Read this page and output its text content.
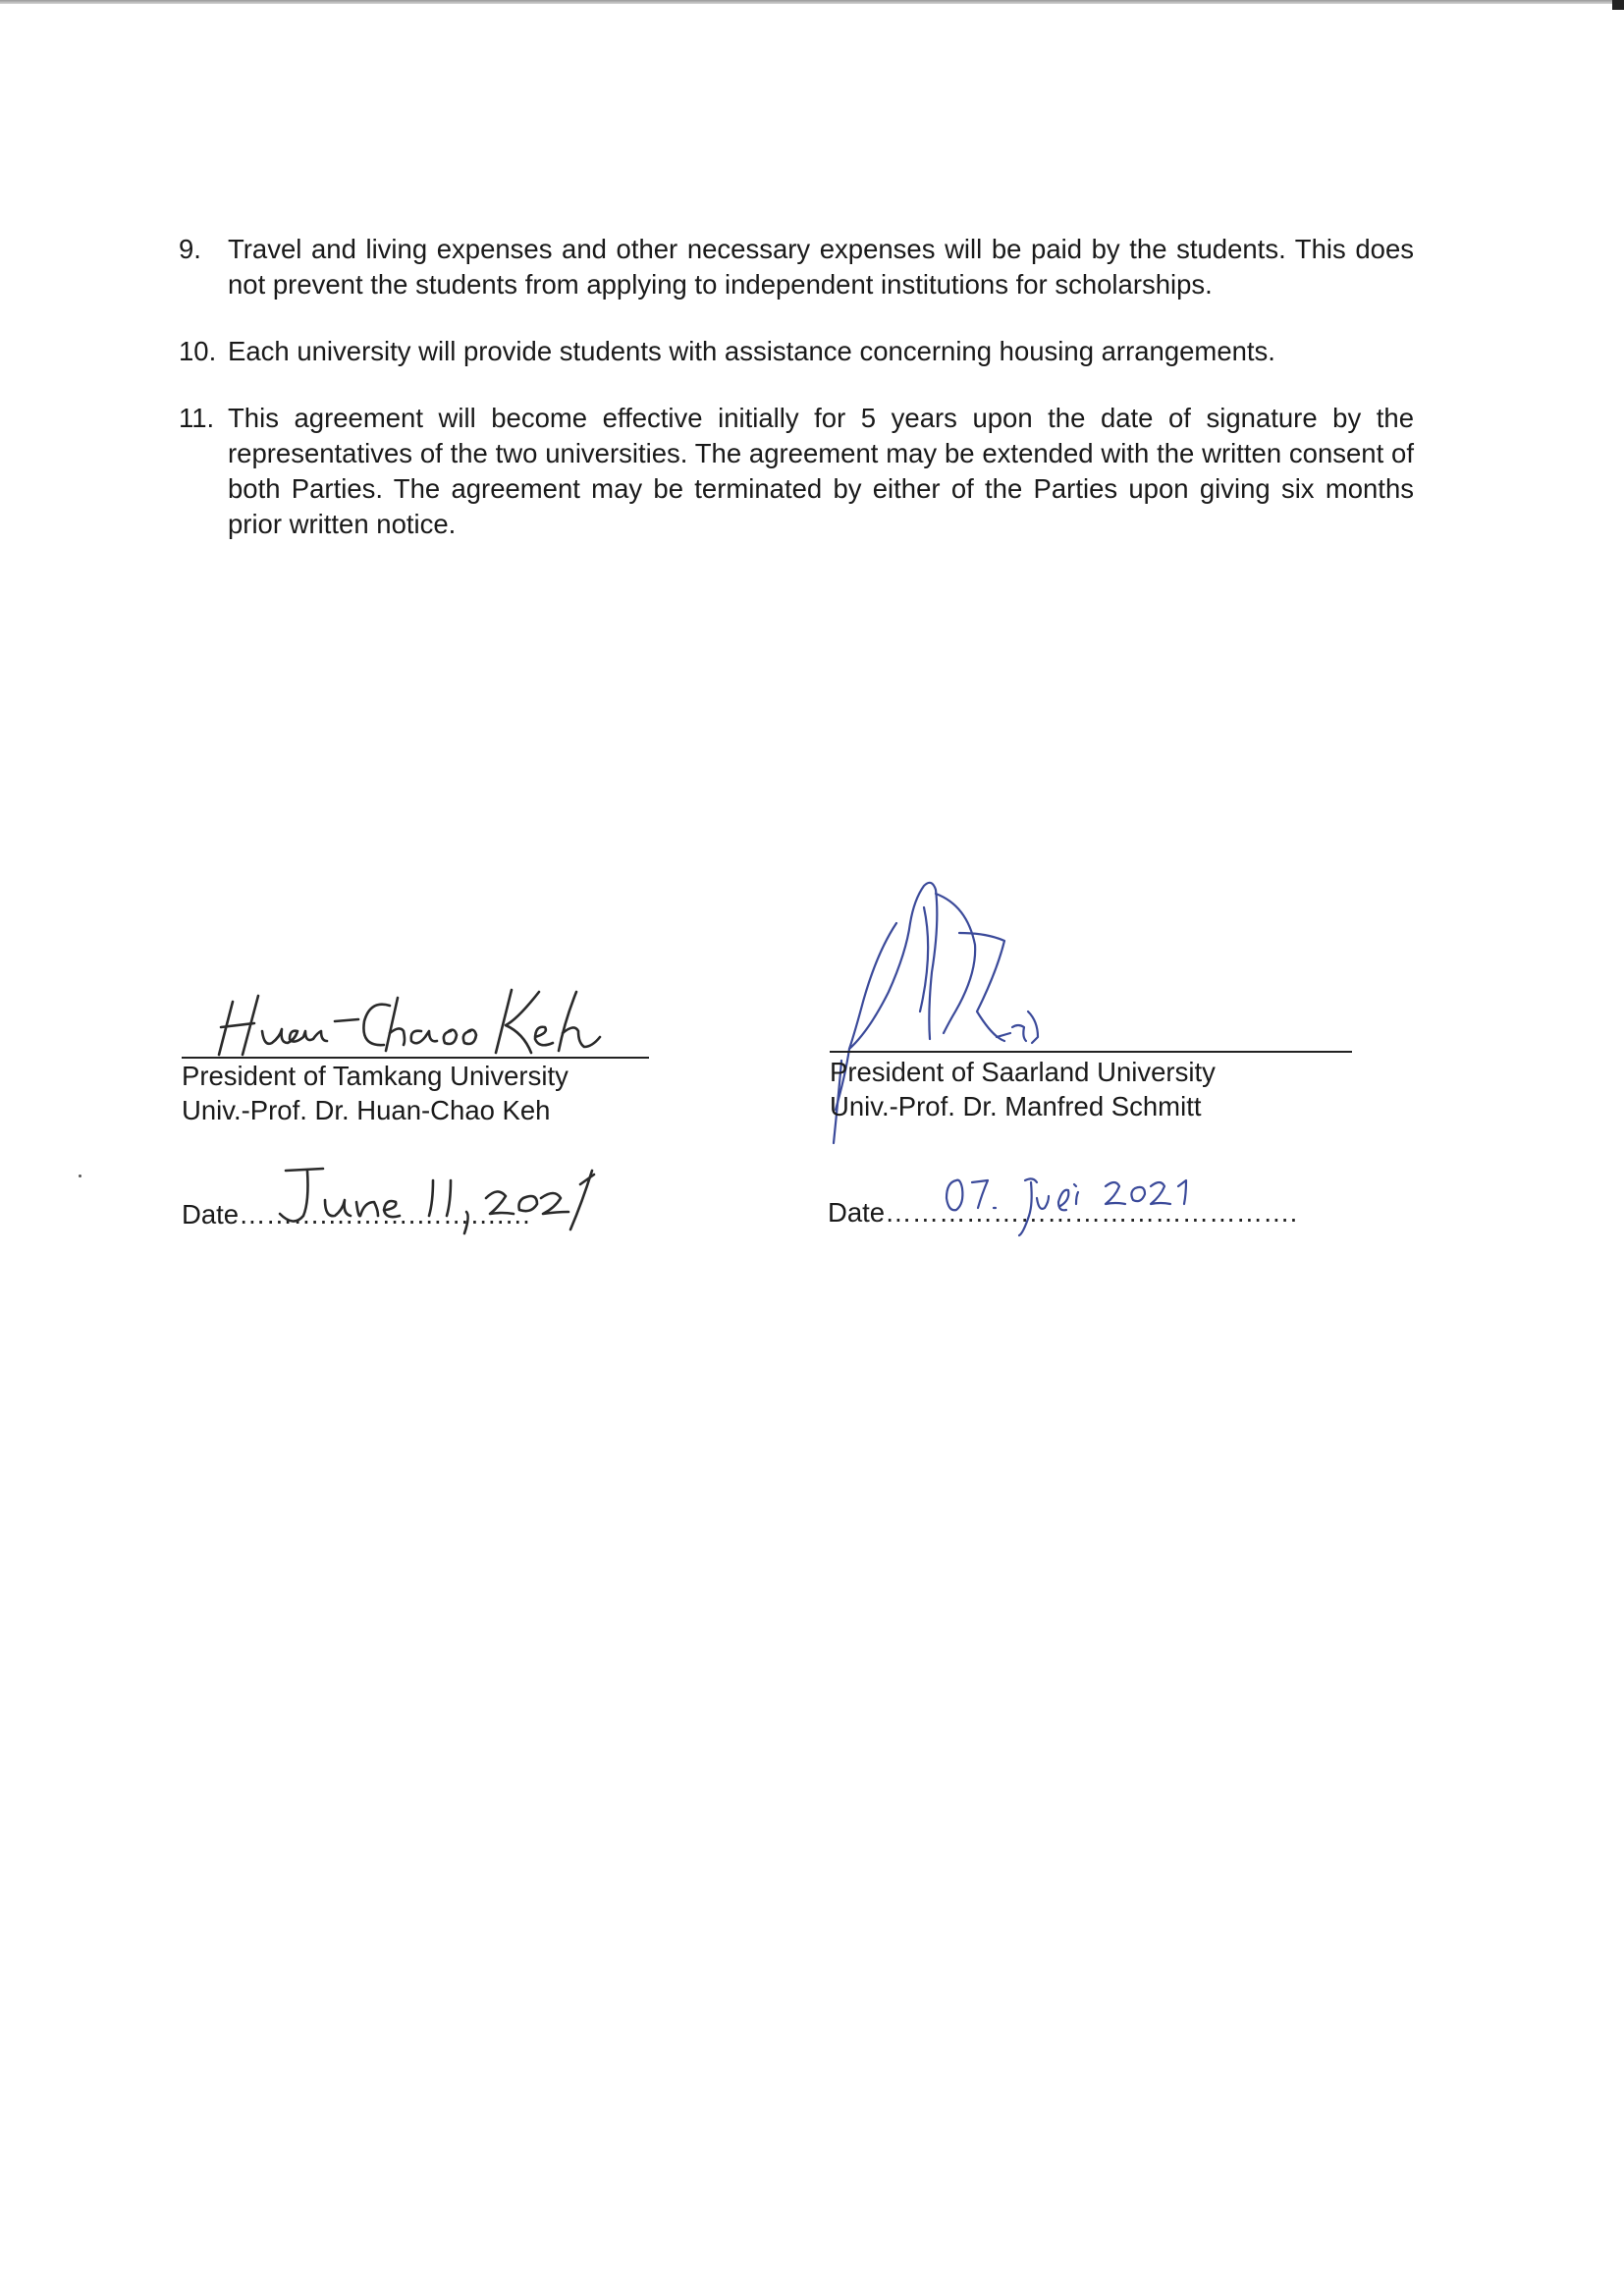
9. Travel and living expenses and other necessary expenses will be paid by the students. This does not prevent the students from applying to independent institutions for scholarships.
10. Each university will provide students with assistance concerning housing arrangements.
11. This agreement will become effective initially for 5 years upon the date of signature by the representatives of the two universities. The agreement may be extended with the written consent of both Parties. The agreement may be terminated by either of the Parties upon giving six months prior written notice.
President of Tamkang University
Univ.-Prof. Dr. Huan-Chao Keh
President of Saarland University
Univ.-Prof. Dr. Manfred Schmitt
Date……….……….……….…	Date……………………………………….
